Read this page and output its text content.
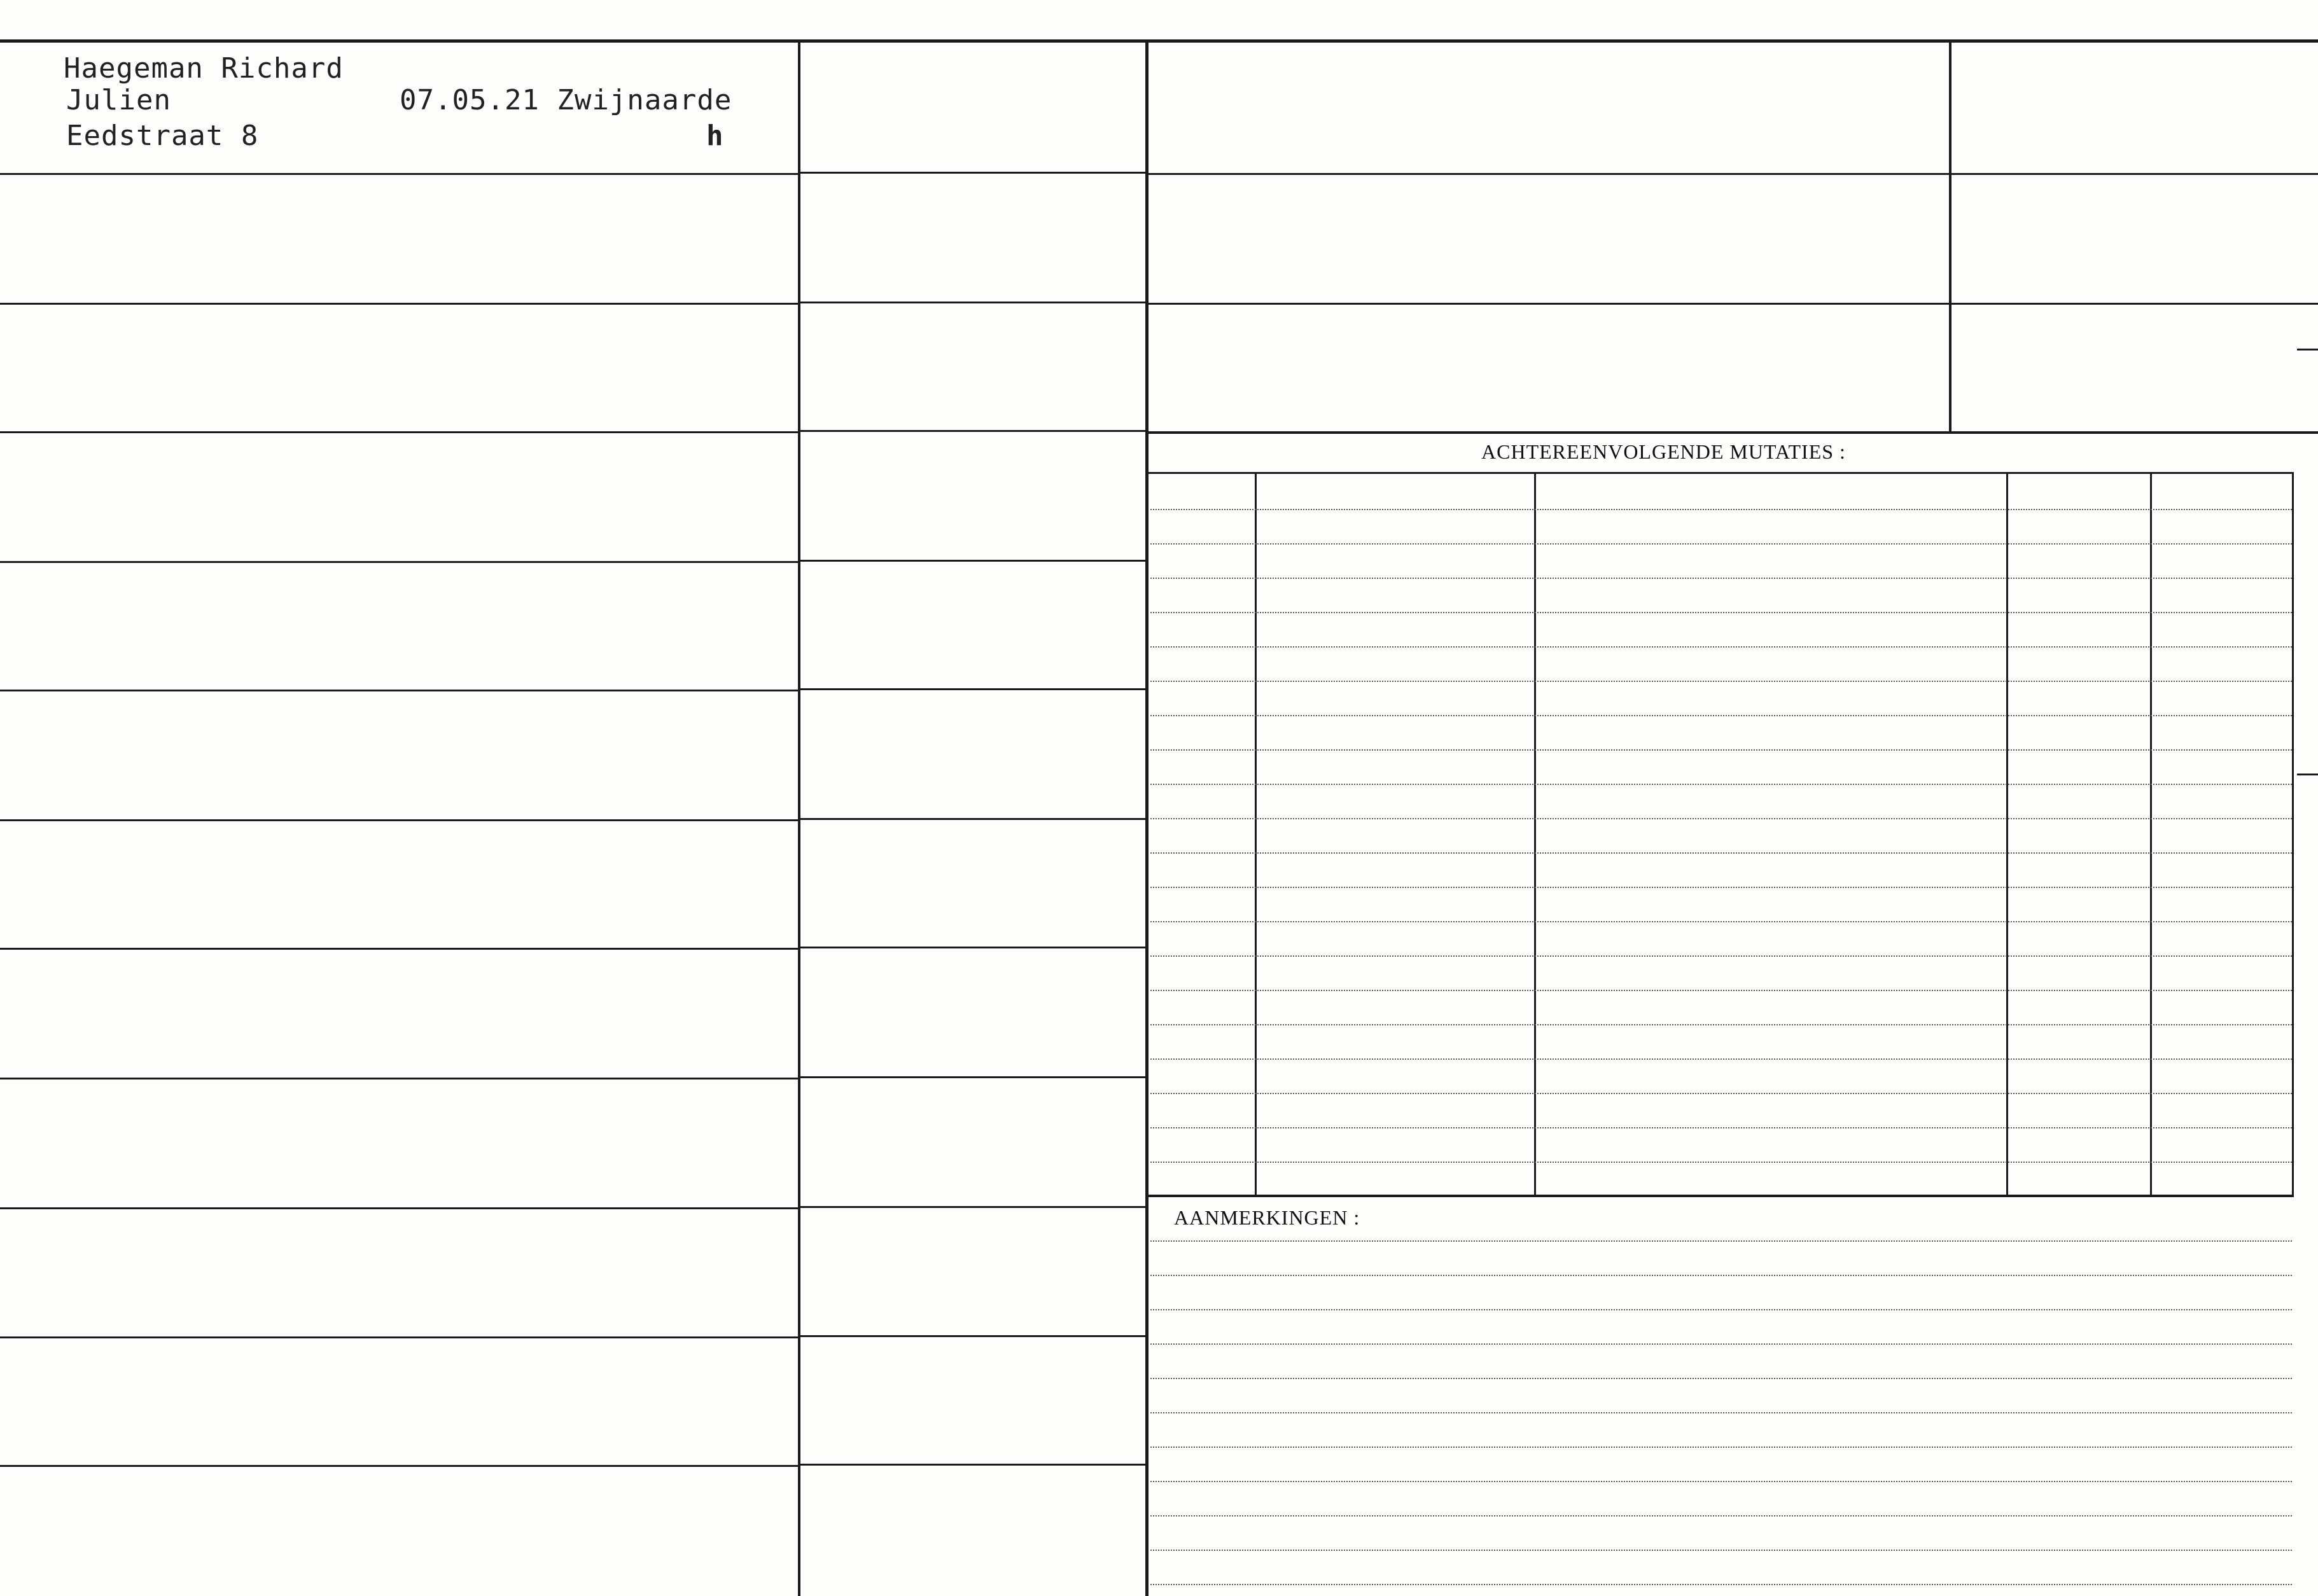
ACHTEREENVOLGENDE MUTATIES :
AANMERKINGEN :
Haegeman Richard
Julien	07.05.21 Zwijnaarde
Eedstraat 8	h
